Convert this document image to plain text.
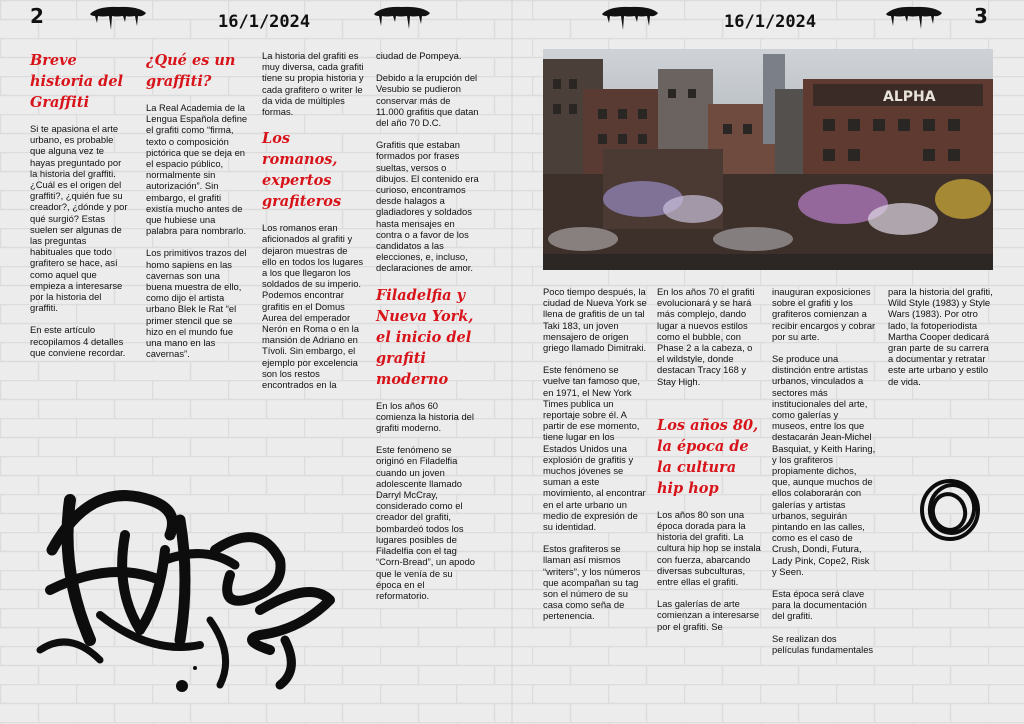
2	3
16/1/2024	16/1/2024
Breve historia del Graffiti

Si te apasiona el arte urbano, es probable que alguna vez te hayas preguntado por la historia del graffiti. ¿Cuál es el origen del graffiti?, ¿quién fue su creador?, ¿dónde y por qué surgió? Estas suelen ser algunas de las preguntas habituales que todo grafitero se hace, así como aquel que empieza a interesarse por la historia del graffiti.

En este artículo recopilamos 4 detalles que conviene recordar.

¿Qué es un graffiti?

La Real Academia de la Lengua Española define el grafiti como “firma, texto o composición pictórica que se deja en el espacio público, normalmente sin autorización”. Sin embargo, el grafiti existía mucho antes de que hubiese una palabra para nombrarlo.

Los primitivos trazos del homo sapiens en las cavernas son una buena muestra de ello, como dijo el artista urbano Blek le Rat “el primer stencil que se hizo en el mundo fue una mano en las cavernas”.

La historia del grafiti es muy diversa, cada grafiti tiene su propia historia y cada grafitero o writer le da vida de múltiples formas.

Los romanos, expertos grafiteros

Los romanos eran aficionados al grafiti y dejaron muestras de ello en todos los lugares a los que llegaron los soldados de su imperio. Podemos encontrar grafitis en el Domus Aurea del emperador Nerón en Roma o en la mansión de Adriano en Tívoli. Sin embargo, el ejemplo por excelencia son los restos encontrados en la

ciudad de Pompeya.

Debido a la erupción del Vesubio se pudieron conservar más de 11.000 grafitis que datan del año 70 D.C.

Grafitis que estaban formados por frases sueltas, versos o dibujos. El contenido era curioso, encontramos desde halagos a gladiadores y soldados hasta mensajes en contra o a favor de los candidatos a las elecciones, e, incluso, declaraciones de amor.

Filadelfia y Nueva York, el inicio del grafiti moderno

En los años 60 comienza la historia del grafiti moderno.

Este fenómeno se originó en Filadelfia cuando un joven adolescente llamado Darryl McCray, considerado como el creador del grafiti, bombardeó todos los lugares posibles de Filadelfia con el tag “Corn-Bread”, un apodo que le venía de su época en el reformatorio.

ALPHA

Poco tiempo después, la ciudad de Nueva York se llena de grafitis de un tal Taki 183, un joven mensajero de origen griego llamado Dimitraki.

Este fenómeno se vuelve tan famoso que, en 1971, el New York Times publica un reportaje sobre él. A partir de ese momento, tiene lugar en los Estados Unidos una explosión de grafitis y muchos jóvenes se suman a este movimiento, al encontrar en el arte urbano un medio de expresión de su identidad.

Estos grafiteros se llaman así mismos “writers”, y los números que acompañan su tag son el número de su casa como seña de pertenencia.

En los años 70 el grafiti evolucionará y se hará más complejo, dando lugar a nuevos estilos como el bubble, con Phase 2 a la cabeza, o el wildstyle, donde destacan Tracy 168 y Stay High.

Los años 80, la época de la cultura hip hop

Los años 80 son una época dorada para la historia del grafiti. La cultura hip hop se instala con fuerza, abarcando diversas subculturas, entre ellas el grafiti.

Las galerías de arte comienzan a interesarse por el grafiti. Se

inauguran exposiciones sobre el grafiti y los grafiteros comienzan a recibir encargos y cobrar por su arte.

Se produce una distinción entre artistas urbanos, vinculados a sectores más institucionales del arte, como galerías y museos, entre los que destacarán Jean-Michel Basquiat, y Keith Haring, y los grafiteros propiamente dichos, que, aunque muchos de ellos colaborarán con galerías y artistas urbanos, seguirán pintando en las calles, como es el caso de Crush, Dondi, Futura, Lady Pink, Cope2, Risk y Seen.

Esta época será clave para la documentación del grafiti.

Se realizan dos películas fundamentales

para la historia del grafiti, Wild Style (1983) y Style Wars (1983). Por otro lado, la fotoperiodista Martha Cooper dedicará gran parte de su carrera a documentar y retratar este arte urbano y estilo de vida.
